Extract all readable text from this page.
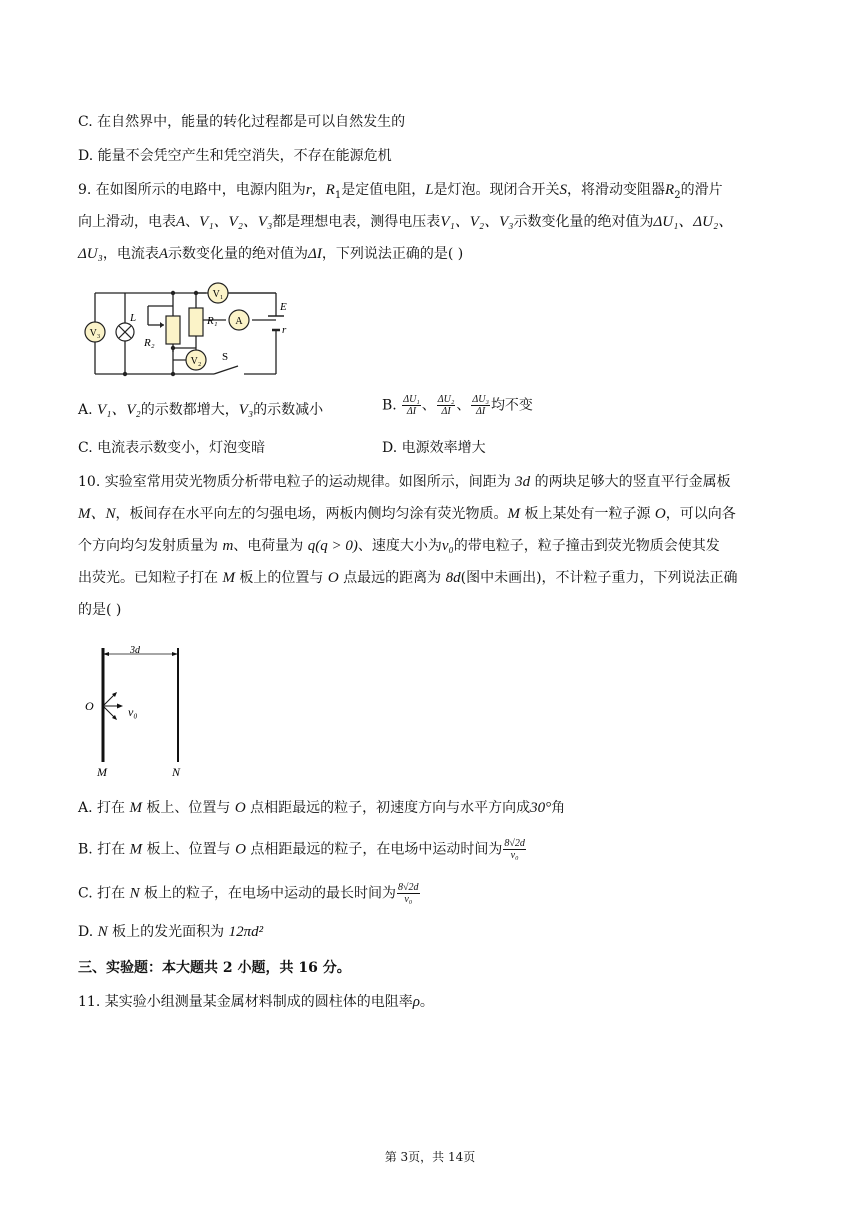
C. 在自然界中，能量的转化过程都是可以自然发生的
D. 能量不会凭空产生和凭空消失，不存在能源危机
9. 在如图所示的电路中，电源内阻为r，$R_1$是定值电阻，L是灯泡。现闭合开关S，将滑动变阻器$R_2$的滑片
向上滑动，电表A、V₁、V₂、V₃都是理想电表，测得电压表V₁、V₂、V₃示数变化量的绝对值为ΔU₁、ΔU₂、
ΔU₃，电流表A示数变化量的绝对值为ΔI，下列说法正确的是( )
V₃
L
R₂
R₁
V₁
A
V₂
E
r
S
A. V₁、V₂的示数都增大，V₃的示数减小	B. $\frac{\text{ΔU₁}}{\Delta I}$ 、 $\frac{\text{ΔU₂}}{\Delta I}$ 、 $\frac{\text{ΔU₃}}{\Delta I}$ 均不变
C. 电流表示数变小，灯泡变暗	D. 电源效率增大
10. 实验室常用荧光物质分析带电粒子的运动规律。如图所示，间距为 3d 的两块足够大的竖直平行金属板
M、N，板间存在水平向左的匀强电场，两板内侧均匀涂有荧光物质。M 板上某处有一粒子源 O，可以向各
个方向均匀发射质量为 m、电荷量为 q(q > 0)、速度大小为v₀的带电粒子，粒子撞击到荧光物质会使其发
出荧光。已知粒子打在 M 板上的位置与 O 点最远的距离为 8d(图中未画出)，不计粒子重力，下列说法正确
的是( )
3d
O	v₀
M	N
A. 打在 M 板上、位置与 O 点相距最远的粒子，初速度方向与水平方向成30°角
B. 打在 M 板上、位置与 O 点相距最远的粒子，在电场中运动时间为 $\frac{8√2d}{\text{v₀}}$
C. 打在 N 板上的粒子，在电场中运动的最长时间为 $\frac{8√2d}{\text{v₀}}$
D. N 板上的发光面积为 12πd²
三、实验题：本大题共 2 小题，共 16 分。
11. 某实验小组测量某金属材料制成的圆柱体的电阻率ρ。
第 3页，共 14页
